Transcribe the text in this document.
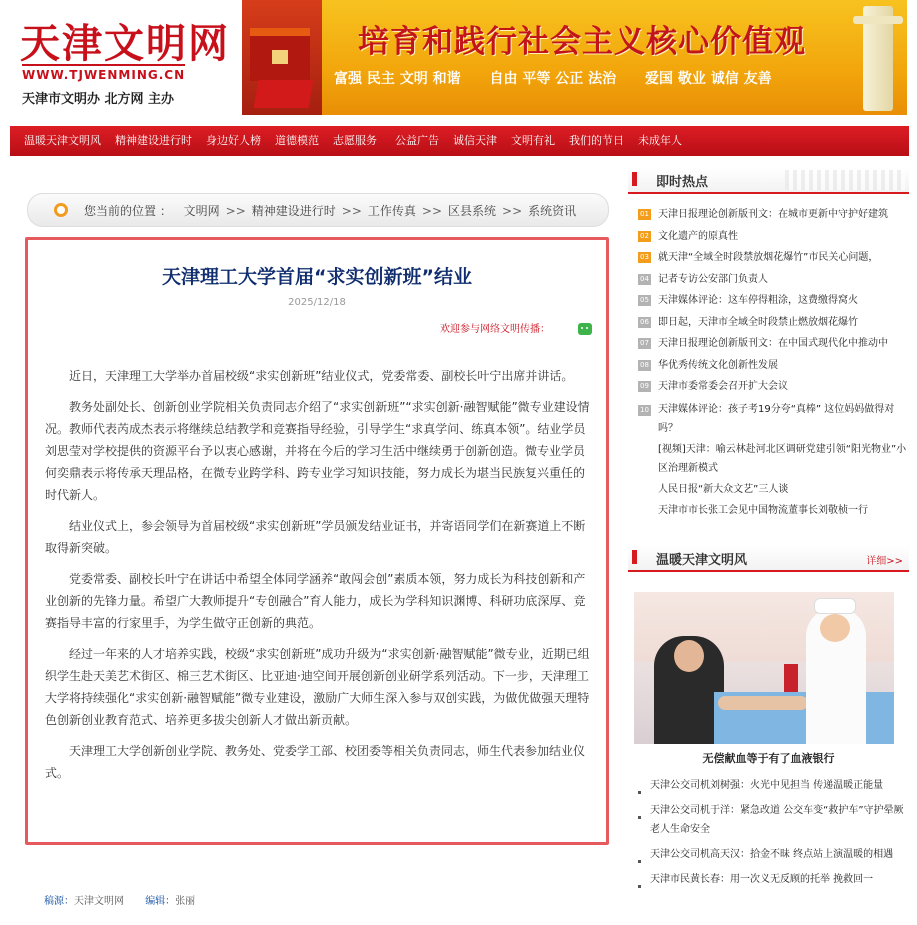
天津文明网
WWW.TJWENMING.CN
天津市文明办 北方网 主办
培育和践行社会主义核心价值观
富强 民主 文明 和谐 自由 平等 公正 法治 爱国 敬业 诚信 友善
温暖天津文明风	精神建设进行时	身边好人榜	道德模范	志愿服务	公益广告	诚信天津	文明有礼	我们的节日	未成年人
您当前的位置 ： 文明网 >> 精神建设进行时 >> 工作传真 >> 区县系统 >> 系统资讯
天津理工大学首届“求实创新班”结业
2025/12/18
欢迎参与网络文明传播：

近日，天津理工大学举办首届校级“求实创新班”结业仪式，党委常委、副校长叶宁出席并讲话。

教务处副处长、创新创业学院相关负责同志介绍了“求实创新班”“求实创新·融智赋能”微专业建设情况。教师代表芮成杰表示将继续总结教学和竞赛指导经验，引导学生“求真学问、练真本领”。结业学员刘思莹对学校提供的资源平台予以衷心感谢，并将在今后的学习生活中继续勇于创新创造。微专业学员何奕鼎表示将传承天理品格，在微专业跨学科、跨专业学习知识技能，努力成长为堪当民族复兴重任的时代新人。

结业仪式上，参会领导为首届校级“求实创新班”学员颁发结业证书，并寄语同学们在新赛道上不断取得新突破。

党委常委、副校长叶宁在讲话中希望全体同学涵养“敢闯会创”素质本领，努力成长为科技创新和产业创新的先锋力量。希望广大教师提升“专创融合”育人能力，成长为学科知识渊博、科研功底深厚、竞赛指导丰富的行家里手，为学生做守正创新的典范。

经过一年来的人才培养实践，校级“求实创新班”成功升级为“求实创新·融智赋能”微专业，近期已组织学生赴天美艺术街区、棉三艺术街区、比亚迪·迪空间开展创新创业研学系列活动。下一步，天津理工大学将持续强化“求实创新·融智赋能”微专业建设，激励广大师生深入参与双创实践，为做优做强天理特色创新创业教育范式、培养更多拔尖创新人才做出新贡献。

天津理工大学创新创业学院、教务处、党委学工部、校团委等相关负责同志，师生代表参加结业仪式。

稿源：天津文明网 编辑：张丽
即时热点
01 天津日报理论创新版刊文：在城市更新中守护好建筑
02 文化遗产的原真性
03 就天津“全域全时段禁放烟花爆竹”市民关心问题，
04 记者专访公安部门负责人
05 天津媒体评论：这车停得粗涂，这费缴得窝火
06 即日起，天津市全域全时段禁止燃放烟花爆竹
07 天津日报理论创新版刊文：在中国式现代化中推动中
08 华优秀传统文化创新性发展
09 天津市委常委会召开扩大会议
10 天津媒体评论：孩子考19分夸“真棒” 这位妈妈做得对吗？
[视频]天津：喻云林赴河北区调研党建引领“阳光物业”小区治理新模式
人民日报“新大众文艺”三人谈
天津市市长张工会见中国物流董事长刘敬桢一行
温暖天津文明风	详细>>
无偿献血等于有了血液银行
天津公交司机刘树强：火光中见担当 传递温暖正能量
天津公交司机于洋：紧急改道 公交车变“救护车”守护晕厥老人生命安全
天津公交司机高天汉：拾金不昧 终点站上演温暖的相遇
天津市民黄长春：用一次义无反顾的托举 挽救回一
